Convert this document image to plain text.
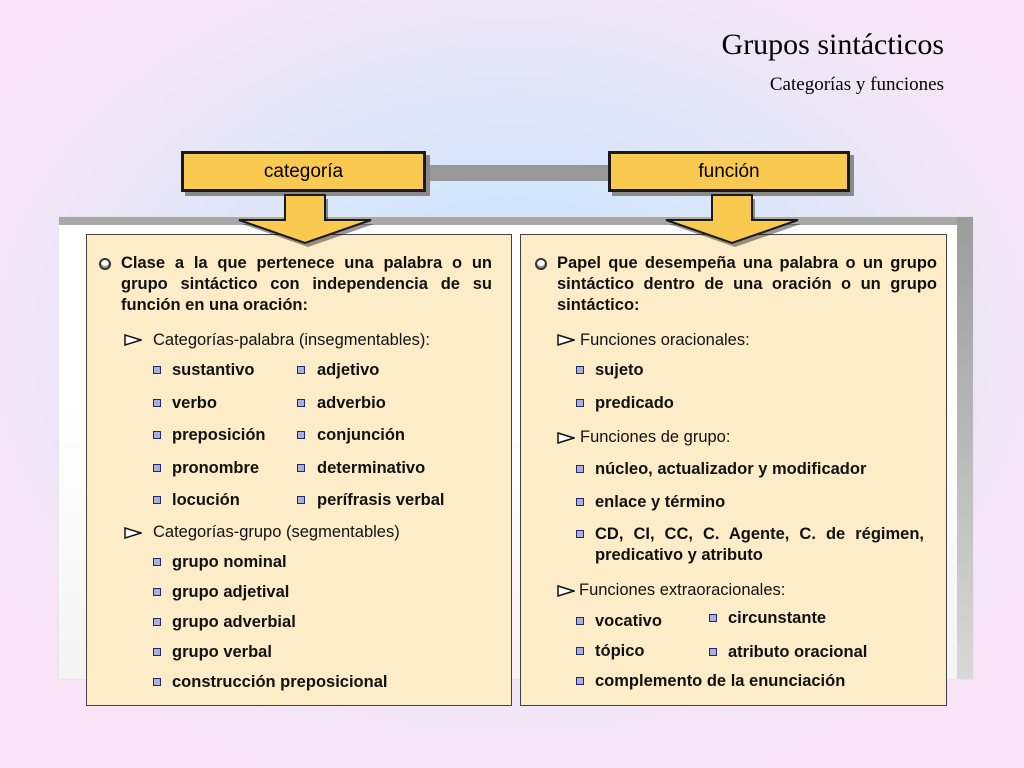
Grupos sintácticos
Categorías y funciones
categoría	función
Clase a la que pertenece una palabra o un grupo sintáctico con independencia de su función en una oración:
Categorías-palabra (insegmentables):
sustantivo	adjetivo
verbo	adverbio
preposición	conjunción
pronombre	determinativo
locución	perífrasis verbal
Categorías-grupo (segmentables)
grupo nominal
grupo adjetival
grupo adverbial
grupo verbal
construcción preposicional
Papel que desempeña una palabra o un grupo sintáctico dentro de una oración o un grupo sintáctico:
Funciones oracionales:
sujeto
predicado
Funciones de grupo:
núcleo, actualizador y modificador
enlace y término
CD, CI, CC, C. Agente, C. de régimen, predicativo y atributo
Funciones extraoracionales:
vocativo	circunstante
tópico	atributo oracional
complemento de la enunciación
